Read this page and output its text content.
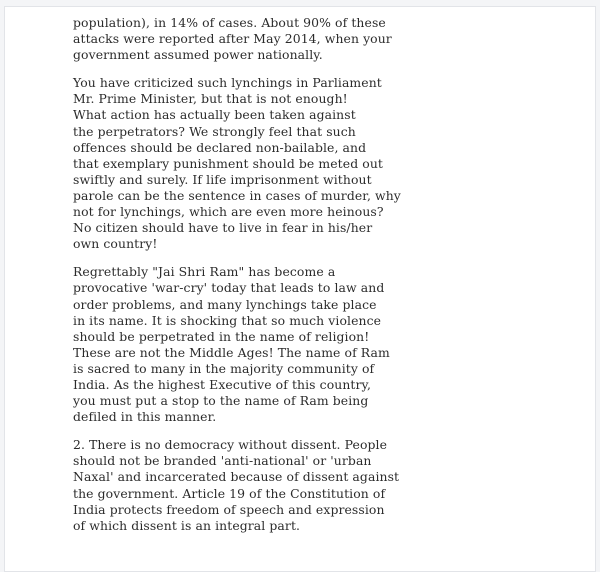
population), in 14% of cases. About 90% of these
attacks were reported after May 2014, when your
government assumed power nationally.

You have criticized such lynchings in Parliament
Mr. Prime Minister, but that is not enough!
What action has actually been taken against
the perpetrators? We strongly feel that such
offences should be declared non-bailable, and
that exemplary punishment should be meted out
swiftly and surely. If life imprisonment without
parole can be the sentence in cases of murder, why
not for lynchings, which are even more heinous?
No citizen should have to live in fear in his/her
own country!

Regrettably "Jai Shri Ram" has become a
provocative 'war-cry' today that leads to law and
order problems, and many lynchings take place
in its name. It is shocking that so much violence
should be perpetrated in the name of religion!
These are not the Middle Ages! The name of Ram
is sacred to many in the majority community of
India. As the highest Executive of this country,
you must put a stop to the name of Ram being
defiled in this manner.

2. There is no democracy without dissent. People
should not be branded 'anti-national' or 'urban
Naxal' and incarcerated because of dissent against
the government. Article 19 of the Constitution of
India protects freedom of speech and expression
of which dissent is an integral part.
